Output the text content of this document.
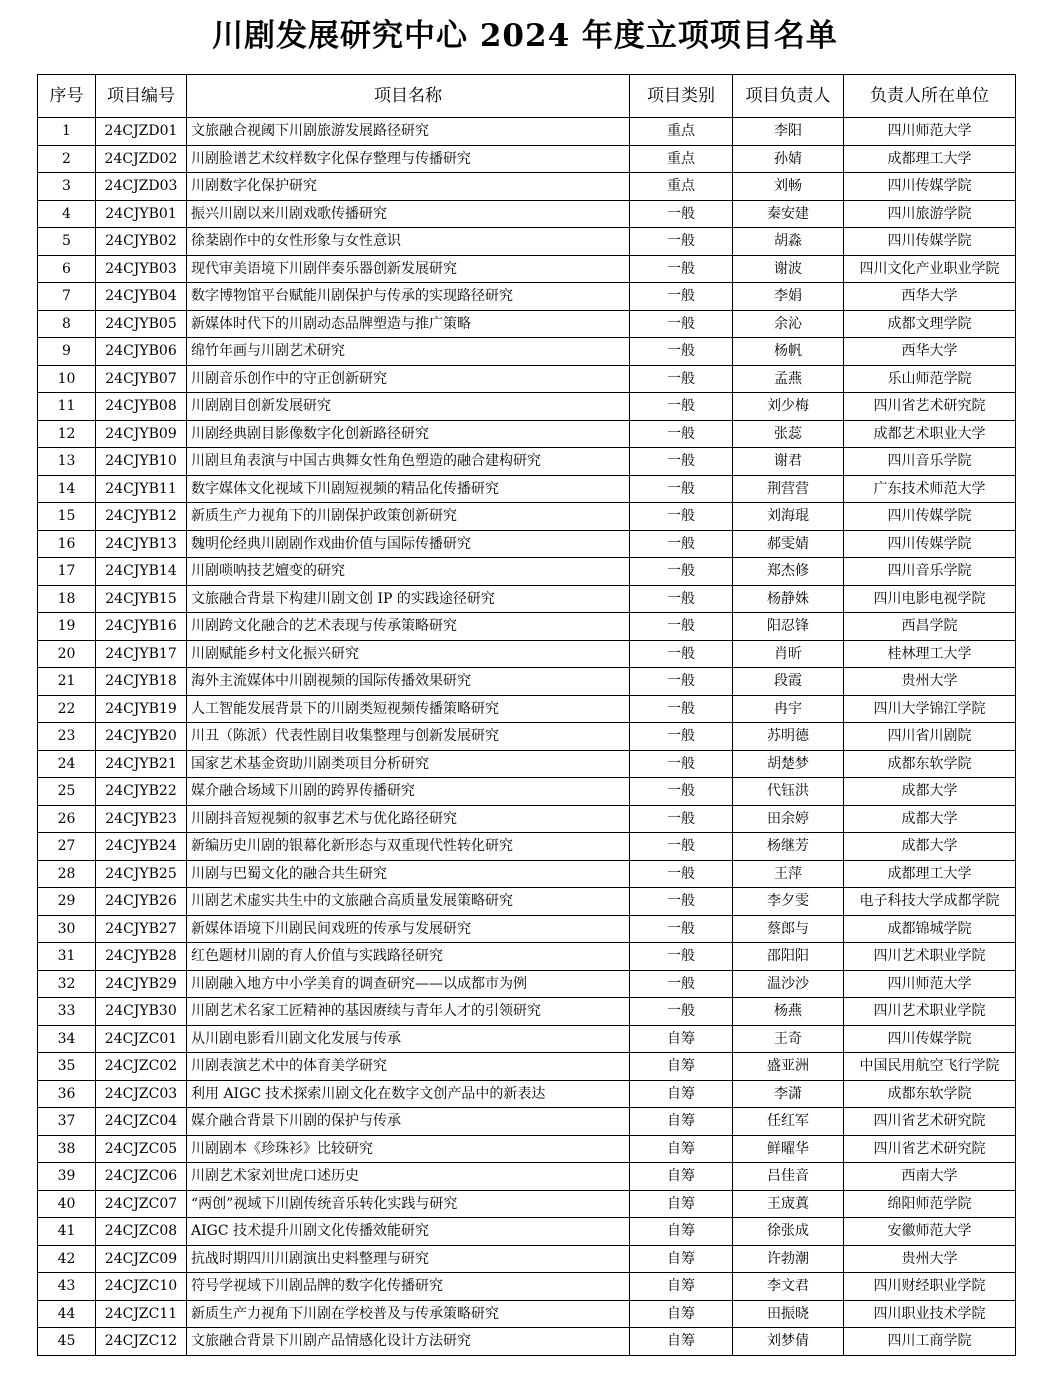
川剧发展研究中心 2024 年度立项项目名单
序号	项目编号	项目名称	项目类别	项目负责人	负责人所在单位
1	24CJZD01	文旅融合视阈下川剧旅游发展路径研究	重点	李阳	四川师范大学
2	24CJZD02	川剧脸谱艺术纹样数字化保存整理与传播研究	重点	孙婧	成都理工大学
3	24CJZD03	川剧数字化保护研究	重点	刘畅	四川传媒学院
4	24CJYB01	振兴川剧以来川剧戏歌传播研究	一般	秦安建	四川旅游学院
5	24CJYB02	徐棻剧作中的女性形象与女性意识	一般	胡淼	四川传媒学院
6	24CJYB03	现代审美语境下川剧伴奏乐器创新发展研究	一般	谢波	四川文化产业职业学院
7	24CJYB04	数字博物馆平台赋能川剧保护与传承的实现路径研究	一般	李娟	西华大学
8	24CJYB05	新媒体时代下的川剧动态品牌塑造与推广策略	一般	余沁	成都文理学院
9	24CJYB06	绵竹年画与川剧艺术研究	一般	杨帆	西华大学
10	24CJYB07	川剧音乐创作中的守正创新研究	一般	孟燕	乐山师范学院
11	24CJYB08	川剧剧目创新发展研究	一般	刘少梅	四川省艺术研究院
12	24CJYB09	川剧经典剧目影像数字化创新路径研究	一般	张蕊	成都艺术职业大学
13	24CJYB10	川剧旦角表演与中国古典舞女性角色塑造的融合建构研究	一般	谢君	四川音乐学院
14	24CJYB11	数字媒体文化视域下川剧短视频的精品化传播研究	一般	荆营营	广东技术师范大学
15	24CJYB12	新质生产力视角下的川剧保护政策创新研究	一般	刘海琨	四川传媒学院
16	24CJYB13	魏明伦经典川剧剧作戏曲价值与国际传播研究	一般	郝雯婧	四川传媒学院
17	24CJYB14	川剧唢呐技艺嬗变的研究	一般	郑杰修	四川音乐学院
18	24CJYB15	文旅融合背景下构建川剧文创 IP 的实践途径研究	一般	杨静姝	四川电影电视学院
19	24CJYB16	川剧跨文化融合的艺术表现与传承策略研究	一般	阳忍锋	西昌学院
20	24CJYB17	川剧赋能乡村文化振兴研究	一般	肖昕	桂林理工大学
21	24CJYB18	海外主流媒体中川剧视频的国际传播效果研究	一般	段霞	贵州大学
22	24CJYB19	人工智能发展背景下的川剧类短视频传播策略研究	一般	冉宇	四川大学锦江学院
23	24CJYB20	川丑（陈派）代表性剧目收集整理与创新发展研究	一般	苏明德	四川省川剧院
24	24CJYB21	国家艺术基金资助川剧类项目分析研究	一般	胡楚梦	成都东软学院
25	24CJYB22	媒介融合场域下川剧的跨界传播研究	一般	代钰洪	成都大学
26	24CJYB23	川剧抖音短视频的叙事艺术与优化路径研究	一般	田余婷	成都大学
27	24CJYB24	新编历史川剧的银幕化新形态与双重现代性转化研究	一般	杨继芳	成都大学
28	24CJYB25	川剧与巴蜀文化的融合共生研究	一般	王萍	成都理工大学
29	24CJYB26	川剧艺术虚实共生中的文旅融合高质量发展策略研究	一般	李夕雯	电子科技大学成都学院
30	24CJYB27	新媒体语境下川剧民间戏班的传承与发展研究	一般	蔡郎与	成都锦城学院
31	24CJYB28	红色题材川剧的育人价值与实践路径研究	一般	邵阳阳	四川艺术职业学院
32	24CJYB29	川剧融入地方中小学美育的调查研究——以成都市为例	一般	温沙沙	四川师范大学
33	24CJYB30	川剧艺术名家工匠精神的基因赓续与青年人才的引领研究	一般	杨燕	四川艺术职业学院
34	24CJZC01	从川剧电影看川剧文化发展与传承	自筹	王奇	四川传媒学院
35	24CJZC02	川剧表演艺术中的体育美学研究	自筹	盛亚洲	中国民用航空飞行学院
36	24CJZC03	利用 AIGC 技术探索川剧文化在数字文创产品中的新表达	自筹	李潇	成都东软学院
37	24CJZC04	媒介融合背景下川剧的保护与传承	自筹	任红军	四川省艺术研究院
38	24CJZC05	川剧剧本《珍珠衫》比较研究	自筹	鲜曜华	四川省艺术研究院
39	24CJZC06	川剧艺术家刘世虎口述历史	自筹	吕佳音	西南大学
40	24CJZC07	“两创”视域下川剧传统音乐转化实践与研究	自筹	王宬蒖	绵阳师范学院
41	24CJZC08	AIGC 技术提升川剧文化传播效能研究	自筹	徐张成	安徽师范大学
42	24CJZC09	抗战时期四川川剧演出史料整理与研究	自筹	许勃潮	贵州大学
43	24CJZC10	符号学视域下川剧品牌的数字化传播研究	自筹	李文君	四川财经职业学院
44	24CJZC11	新质生产力视角下川剧在学校普及与传承策略研究	自筹	田振晓	四川职业技术学院
45	24CJZC12	文旅融合背景下川剧产品情感化设计方法研究	自筹	刘梦倩	四川工商学院
